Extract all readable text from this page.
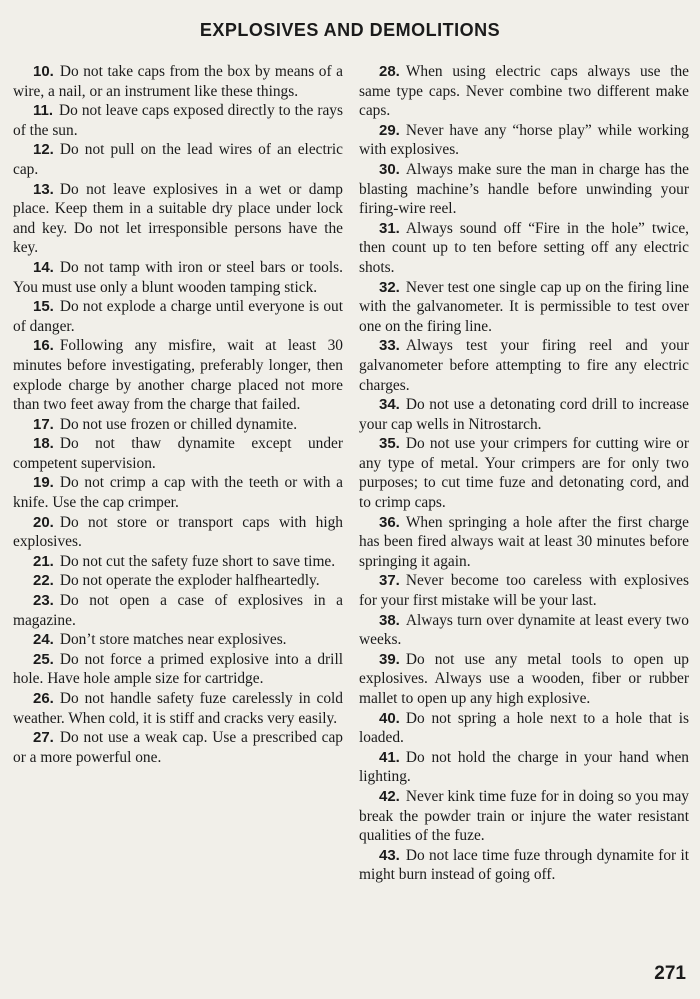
EXPLOSIVES AND DEMOLITIONS

10. Do not take caps from the box by means of a wire, a nail, or an instrument like these things.

11. Do not leave caps exposed directly to the rays of the sun.

12. Do not pull on the lead wires of an electric cap.

13. Do not leave explosives in a wet or damp place. Keep them in a suitable dry place under lock and key. Do not let irresponsible persons have the key.

14. Do not tamp with iron or steel bars or tools. You must use only a blunt wooden tamping stick.

15. Do not explode a charge until everyone is out of danger.

16. Following any misfire, wait at least 30 minutes before investigating, preferably longer, then explode charge by another charge placed not more than two feet away from the charge that failed.

17. Do not use frozen or chilled dynamite.

18. Do not thaw dynamite except under competent supervision.

19. Do not crimp a cap with the teeth or with a knife. Use the cap crimper.

20. Do not store or transport caps with high explosives.

21. Do not cut the safety fuze short to save time.

22. Do not operate the exploder halfheartedly.

23. Do not open a case of explosives in a magazine.

24. Don’t store matches near explosives.

25. Do not force a primed explosive into a drill hole. Have hole ample size for cartridge.

26. Do not handle safety fuze carelessly in cold weather. When cold, it is stiff and cracks very easily.

27. Do not use a weak cap. Use a prescribed cap or a more powerful one.

28. When using electric caps always use the same type caps. Never combine two different make caps.

29. Never have any “horse play” while working with explosives.

30. Always make sure the man in charge has the blasting machine’s handle before unwinding your firing-wire reel.

31. Always sound off “Fire in the hole” twice, then count up to ten before setting off any electric shots.

32. Never test one single cap up on the firing line with the galvanometer. It is permissible to test over one on the firing line.

33. Always test your firing reel and your galvanometer before attempting to fire any electric charges.

34. Do not use a detonating cord drill to increase your cap wells in Nitrostarch.

35. Do not use your crimpers for cutting wire or any type of metal. Your crimpers are for only two purposes; to cut time fuze and detonating cord, and to crimp caps.

36. When springing a hole after the first charge has been fired always wait at least 30 minutes before springing it again.

37. Never become too careless with explosives for your first mistake will be your last.

38. Always turn over dynamite at least every two weeks.

39. Do not use any metal tools to open up explosives. Always use a wooden, fiber or rubber mallet to open up any high explosive.

40. Do not spring a hole next to a hole that is loaded.

41. Do not hold the charge in your hand when lighting.

42. Never kink time fuze for in doing so you may break the powder train or injure the water resistant qualities of the fuze.

43. Do not lace time fuze through dynamite for it might burn instead of going off.

271
